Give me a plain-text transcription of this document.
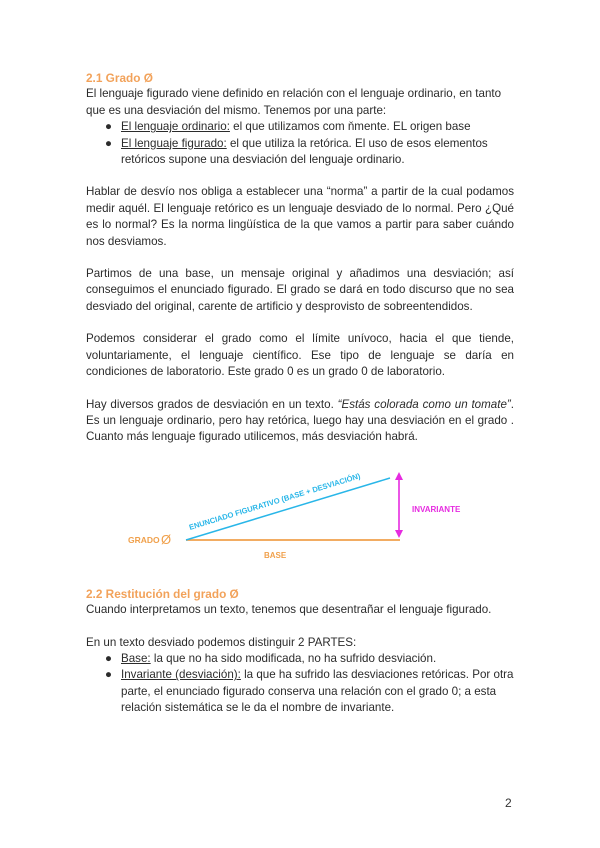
2.1 Grado Ø

El lenguaje figurado viene definido en relación con el lenguaje ordinario, en tanto que es una desviación del mismo. Tenemos por una parte:

● El lenguaje ordinario: el que utilizamos com ňmente. EL origen base
● El lenguaje figurado: el que utiliza la retórica. El uso de esos elementos retóricos supone una desviación del lenguaje ordinario.

Hablar de desvío nos obliga a establecer una “norma” a partir de la cual podamos medir aquél. El lenguaje retórico es un lenguaje desviado de lo normal. Pero ¿Qué es lo normal? Es la norma lingüística de la que vamos a partir para saber cuándo nos desviamos.

Partimos de una base, un mensaje original y añadimos una desviación; así conseguimos el enunciado figurado. El grado se dará en todo discurso que no sea desviado del original, carente de artificio y desprovisto de sobreentendidos.

Podemos considerar el grado como el límite unívoco, hacia el que tiende, voluntariamente, el lenguaje científico. Ese tipo de lenguaje se daría en condiciones de laboratorio. Este grado 0 es un grado 0 de laboratorio.

Hay diversos grados de desviación en un texto. “Estás colorada como un tomate”. Es un lenguaje ordinario, pero hay retórica, luego hay una desviación en el grado . Cuanto más lenguaje figurado utilicemos, más desviación habrá.

GRADO Ø
BASE
ENUNCIADO FIGURATIVO (BASE + DESVIACIÓN)	INVARIANTE

2.2 Restitución del grado Ø

Cuando interpretamos un texto, tenemos que desentrañar el lenguaje figurado.

En un texto desviado podemos distinguir 2 PARTES:

● Base: la que no ha sido modificada, no ha sufrido desviación.
● Invariante (desviación): la que ha sufrido las desviaciones retóricas. Por otra parte, el enunciado figurado conserva una relación con el grado 0; a esta relación sistemática se le da el nombre de invariante.
2
